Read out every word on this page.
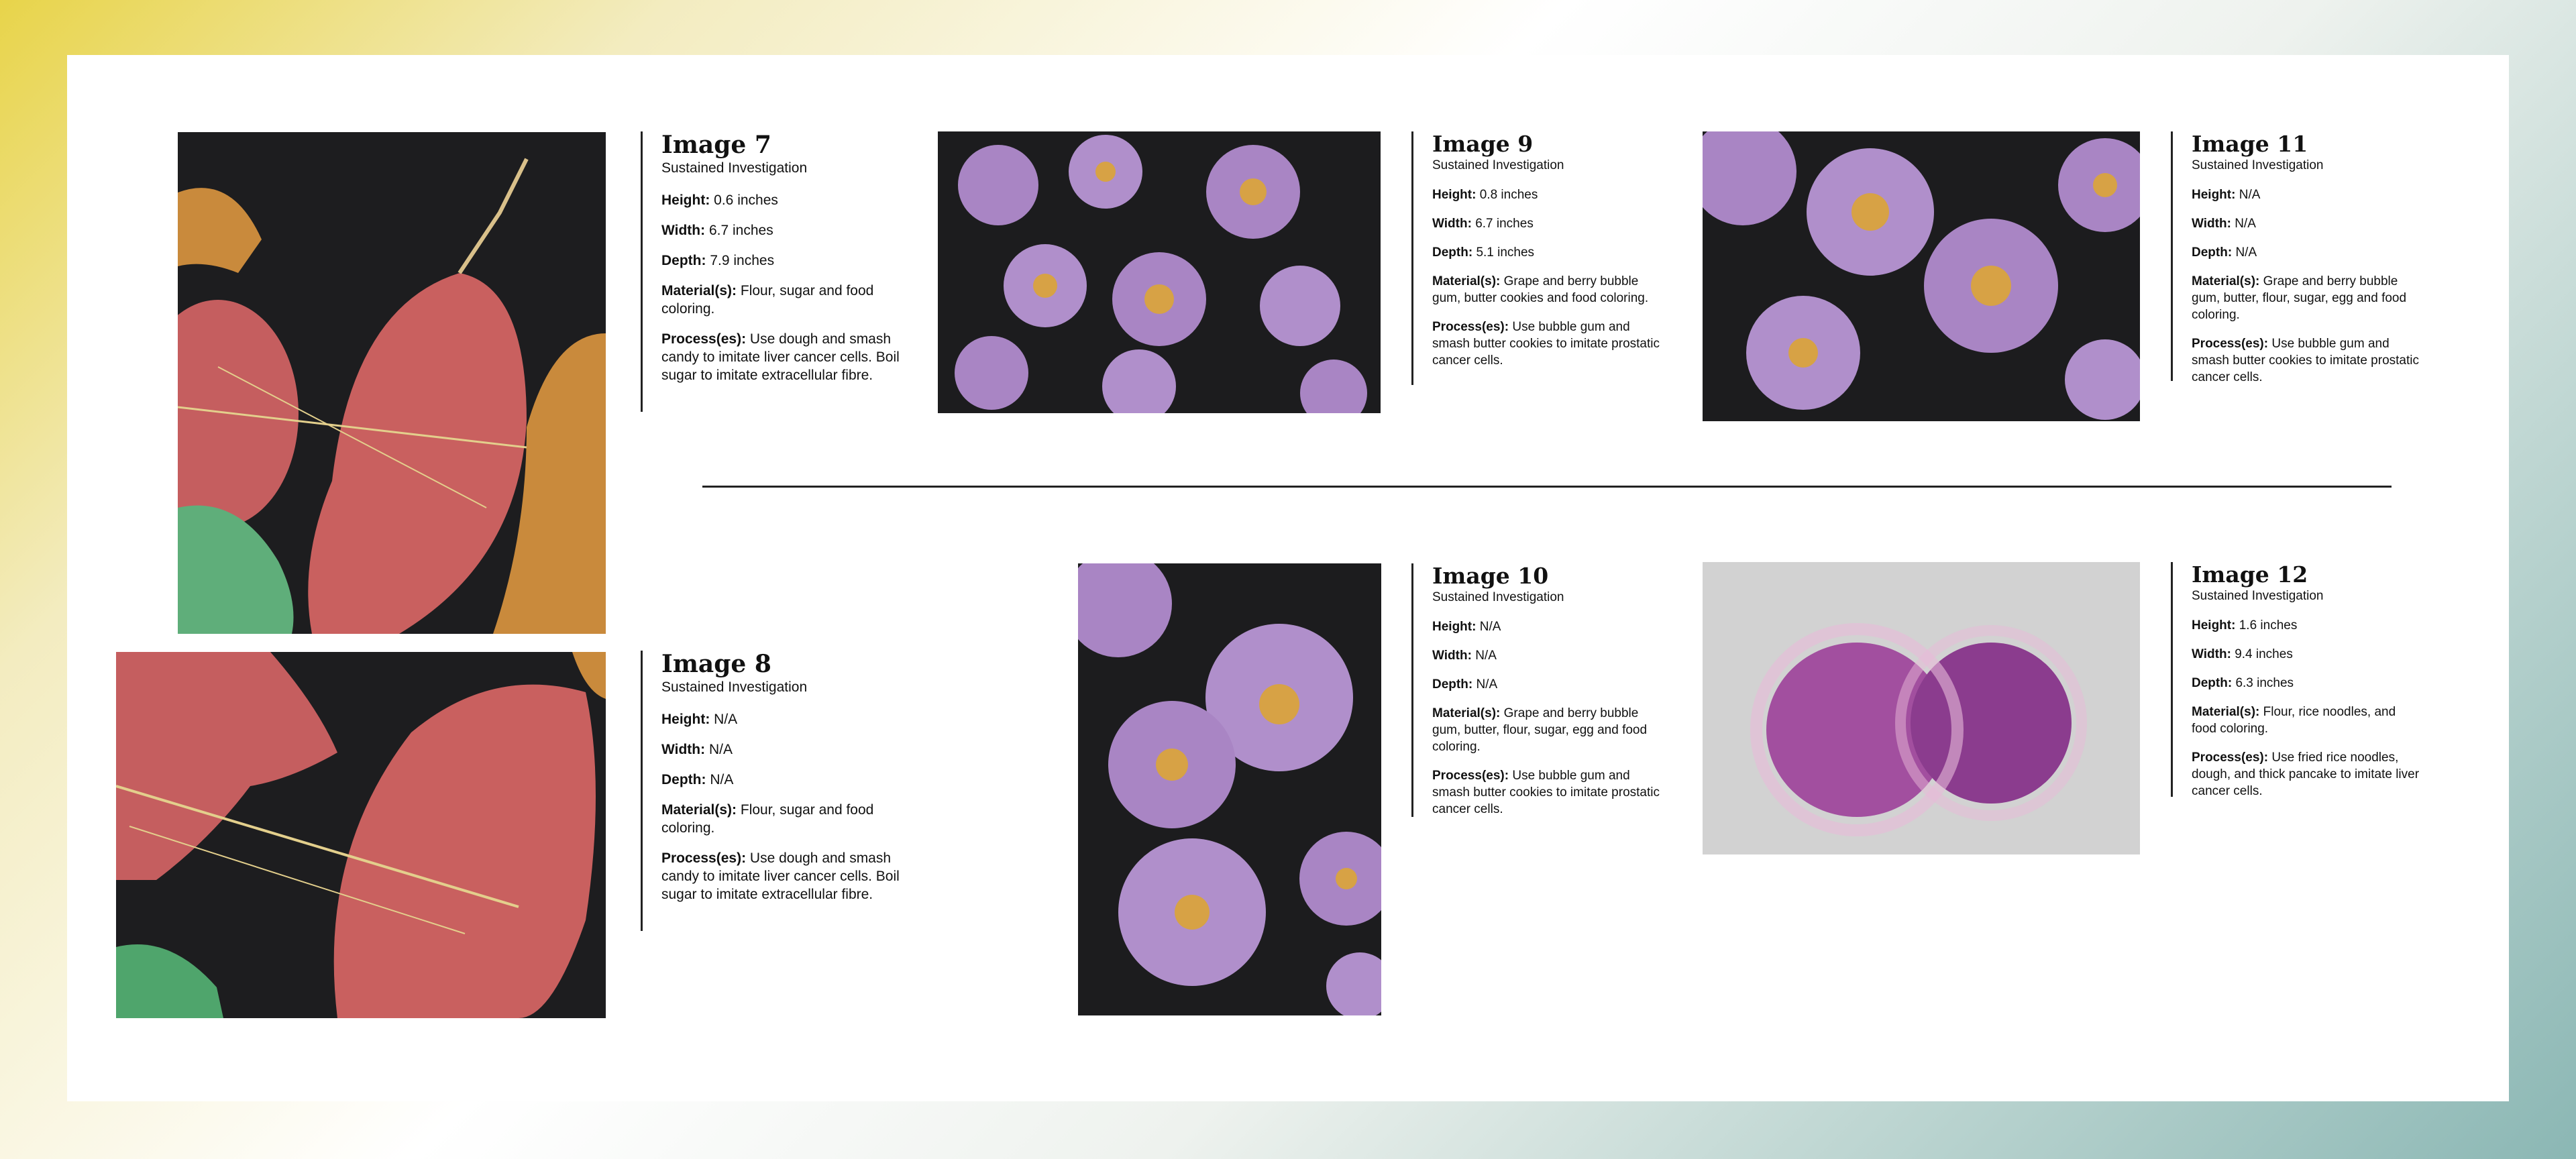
Image 7

Sustained Investigation

Height: 0.6 inches

Width: 6.7 inches

Depth: 7.9 inches

Material(s): Flour, sugar and food coloring.

Process(es): Use dough and smash candy to imitate liver cancer cells. Boil sugar to imitate extracellular fibre.

Image 8

Sustained Investigation

Height: N/A

Width: N/A

Depth: N/A

Material(s): Flour, sugar and food coloring.

Process(es): Use dough and smash candy to imitate liver cancer cells. Boil sugar to imitate extracellular fibre.

Image 9

Sustained Investigation

Height: 0.8 inches

Width: 6.7 inches

Depth: 5.1 inches

Material(s): Grape and berry bubble gum, butter cookies and food coloring.

Process(es): Use bubble gum and smash butter cookies to imitate prostatic cancer cells.

Image 10

Sustained Investigation

Height: N/A

Width: N/A

Depth: N/A

Material(s): Grape and berry bubble gum, butter, flour, sugar, egg and food coloring.

Process(es): Use bubble gum and smash butter cookies to imitate prostatic cancer cells.

Image 11

Sustained Investigation

Height: N/A

Width: N/A

Depth: N/A

Material(s): Grape and berry bubble gum, butter, flour, sugar, egg and food coloring.

Process(es): Use bubble gum and smash butter cookies to imitate prostatic cancer cells.

Image 12

Sustained Investigation

Height: 1.6 inches

Width: 9.4 inches

Depth: 6.3 inches

Material(s): Flour, rice noodles, and food coloring.

Process(es): Use fried rice noodles, dough, and thick pancake to imitate liver cancer cells.
